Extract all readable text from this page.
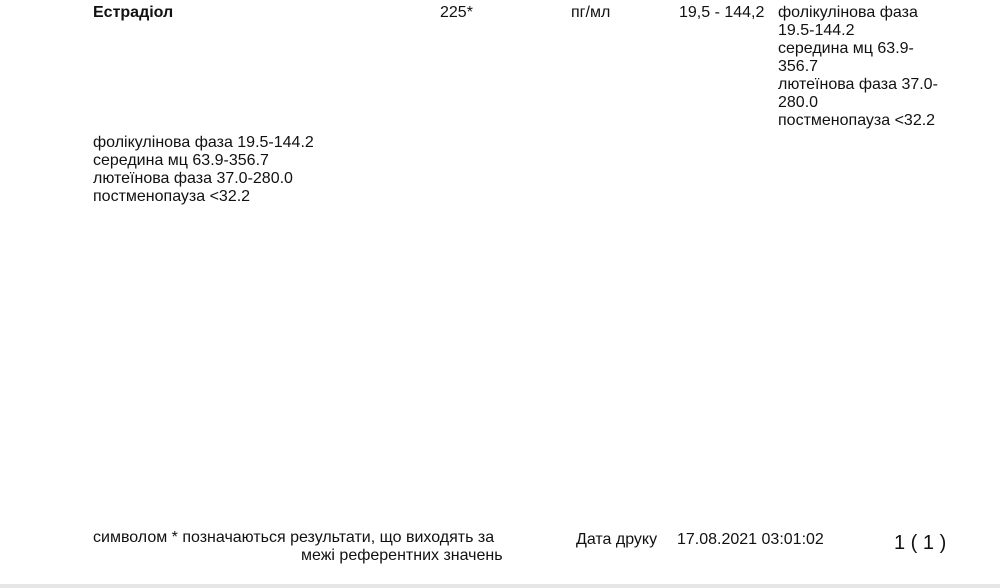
Естрадіол	225*	пг/мл	19,5 - 144,2 фолікулінова фаза
19.5-144.2
середина мц 63.9-
356.7
лютеїнова фаза 37.0-
280.0
постменопауза <32.2
фолікулінова фаза 19.5-144.2
середина мц 63.9-356.7
лютеїнова фаза 37.0-280.0
постменопауза <32.2
символом * позначаються результати, що виходять за
межі референтних значень
Дата друку 17.08.2021 03:01:02	1 ( 1 )
